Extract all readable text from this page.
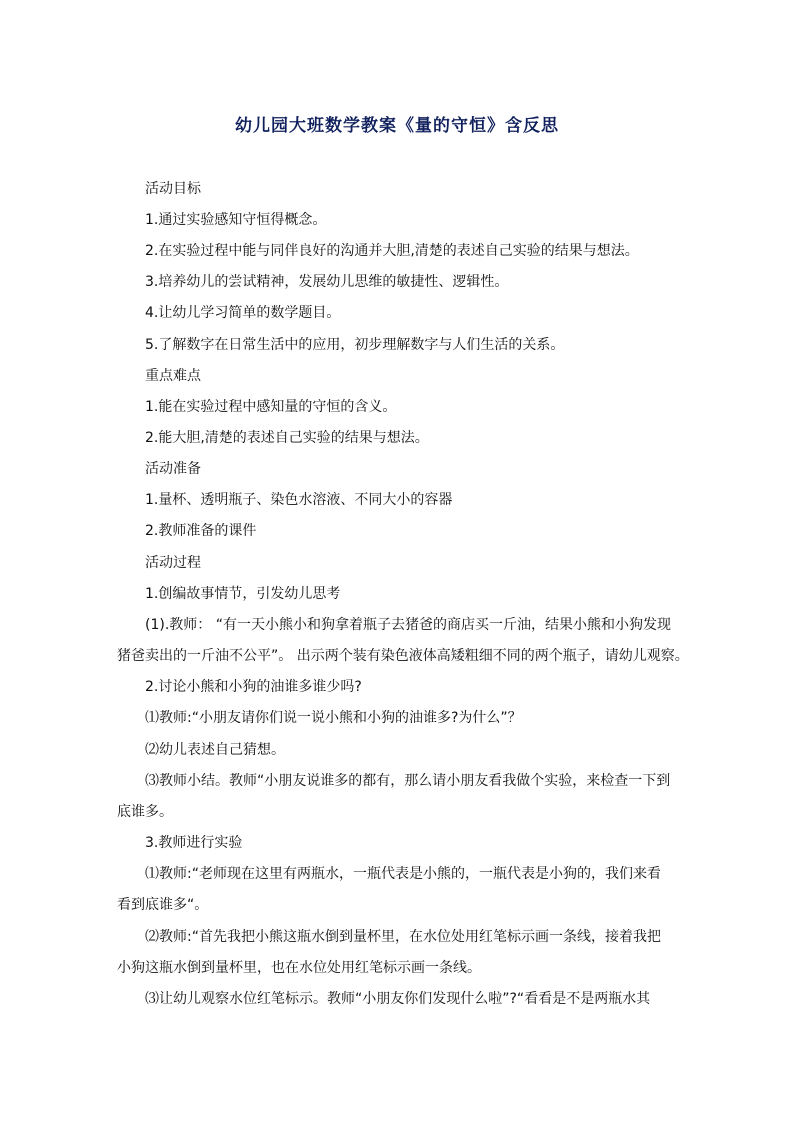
幼儿园大班数学教案《量的守恒》含反思
活动目标
1.通过实验感知守恒得概念。
2.在实验过程中能与同伴良好的沟通并大胆,清楚的表述自己实验的结果与想法。
3.培养幼儿的尝试精神，发展幼儿思维的敏捷性、逻辑性。
4.让幼儿学习简单的数学题目。
5.了解数字在日常生活中的应用，初步理解数字与人们生活的关系。
重点难点
1.能在实验过程中感知量的守恒的含义。
2.能大胆,清楚的表述自己实验的结果与想法。
活动准备
1.量杯、透明瓶子、染色水溶液、不同大小的容器
2.教师准备的课件
活动过程
1.创编故事情节，引发幼儿思考
(1).教师： “有一天小熊小和狗拿着瓶子去猪爸的商店买一斤油，结果小熊和小狗发现
猪爸卖出的一斤油不公平”。 出示两个装有染色液体高矮粗细不同的两个瓶子，请幼儿观察。
2.讨论小熊和小狗的油谁多谁少吗?
⑴教师:“小朋友请你们说一说小熊和小狗的油谁多?为什么”？
⑵幼儿表述自己猜想。
⑶教师小结。教师“小朋友说谁多的都有，那么请小朋友看我做个实验，来检查一下到
底谁多。
3.教师进行实验
⑴教师:“老师现在这里有两瓶水，一瓶代表是小熊的，一瓶代表是小狗的，我们来看
看到底谁多“。
⑵教师:“首先我把小熊这瓶水倒到量杯里，在水位处用红笔标示画一条线，接着我把
小狗这瓶水倒到量杯里，也在水位处用红笔标示画一条线。
⑶让幼儿观察水位红笔标示。教师“小朋友你们发现什么啦”?“看看是不是两瓶水其
